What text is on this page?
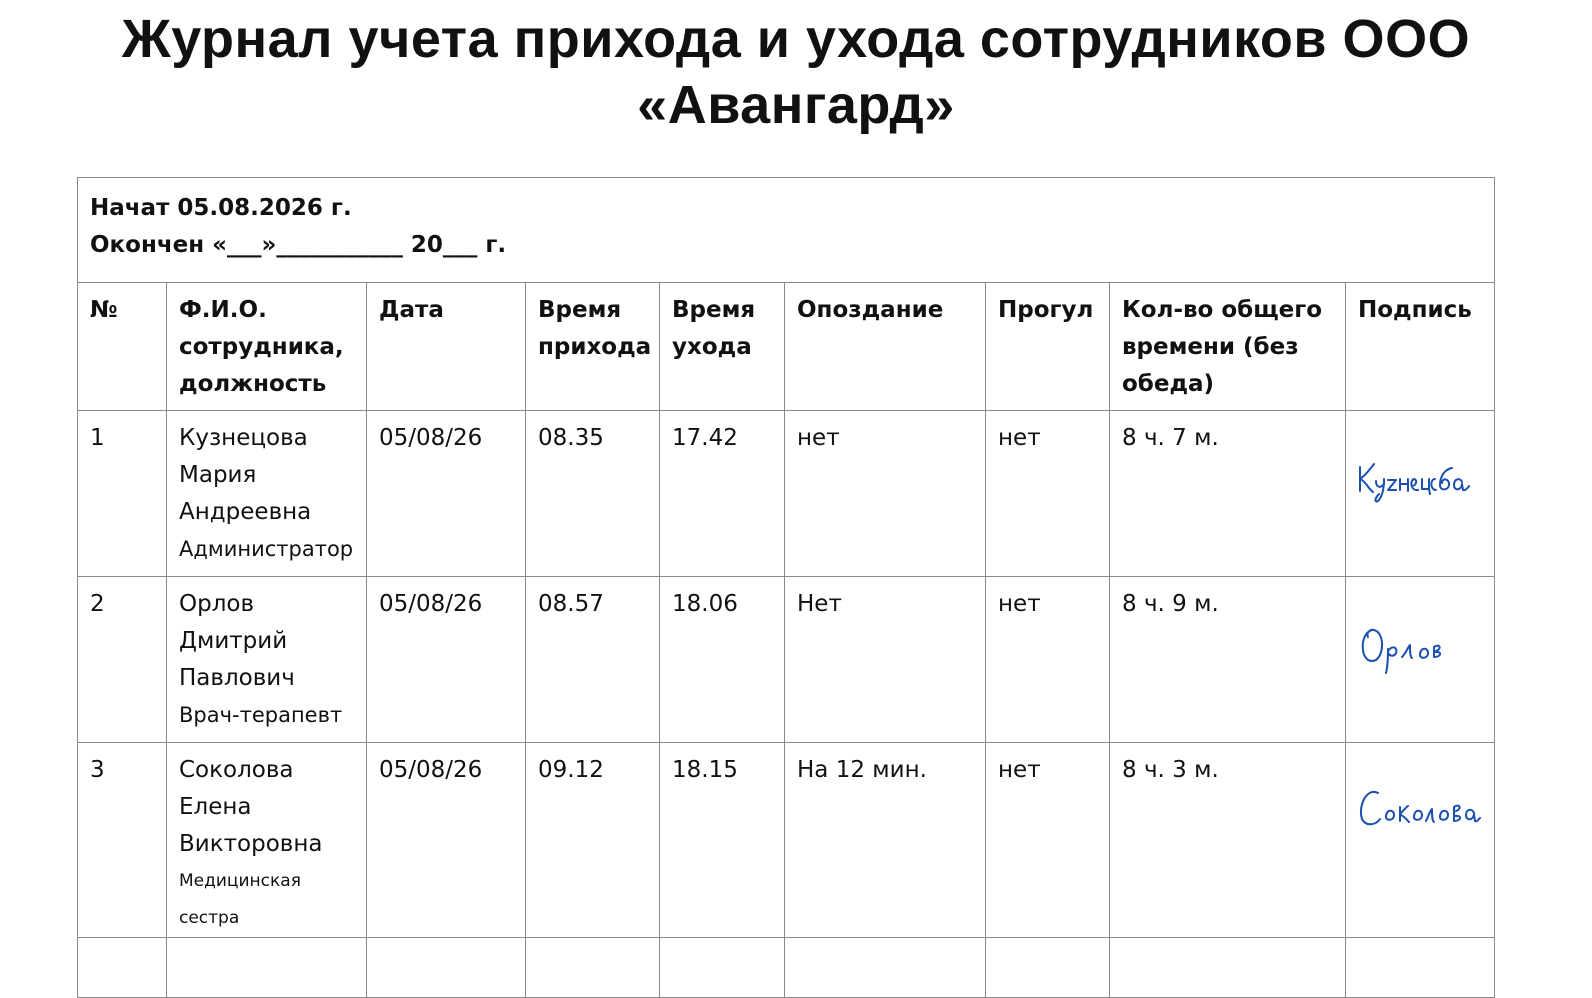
Журнал учета прихода и ухода сотрудников ООО
«Авангард»
Начат 05.08.2026 г.
Окончен «___»___________ 20___ г.								

№	Ф.И.О.
сотрудника,
должность	Дата	Время
прихода	Время
ухода	Опоздание	Прогул	Кол-во общего
времени (без
обеда)	Подпись

1	Кузнецова
Мария
Андреевна
Администратор	05/08/26	08.35	17.42	нет	нет	8 ч. 7 м.	

2	Орлов
Дмитрий
Павлович
Врач-терапевт	05/08/26	08.57	18.06	Нет	нет	8 ч. 9 м.	

3	Соколова
Елена
Викторовна
Медицинская сестра	05/08/26	09.12	18.15	На 12 мин.	нет	8 ч. 3 м.	
